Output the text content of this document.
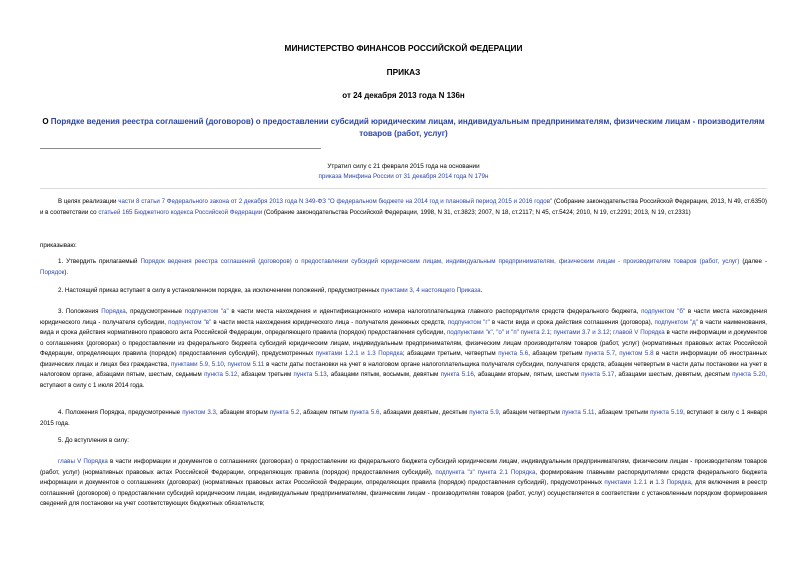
МИНИСТЕРСТВО ФИНАНСОВ РОССИЙСКОЙ ФЕДЕРАЦИИ
ПРИКАЗ
от 24 декабря 2013 года N 136н
О Порядке ведения реестра соглашений (договоров) о предоставлении субсидий юридическим лицам, индивидуальным предпринимателям, физическим лицам - производителям товаров (работ, услуг)
Утратил силу с 21 февраля 2015 года на основании
приказа Минфина России от 31 декабря 2014 года N 179н
В целях реализации части 8 статьи 7 Федерального закона от 2 декабря 2013 года N 349-ФЗ "О федеральном бюджете на 2014 год и плановый период 2015 и 2016 годов" (Собрание законодательства Российской Федерации, 2013, N 49, ст.6350) и в соответствии со статьей 165 Бюджетного кодекса Российской Федерации (Собрание законодательства Российской Федерации, 1998, N 31, ст.3823; 2007, N 18, ст.2117; N 45, ст.5424; 2010, N 19, ст.2291; 2013, N 19, ст.2331)
приказываю:
1. Утвердить прилагаемый Порядок ведения реестра соглашений (договоров) о предоставлении субсидий юридическим лицам, индивидуальным предпринимателям, физическим лицам - производителям товаров (работ, услуг) (далее - Порядок).
2. Настоящий приказ вступает в силу в установленном порядке, за исключением положений, предусмотренных пунктами 3, 4 настоящего Приказа.
3. Положения Порядка, предусмотренные подпунктом "а" в части места нахождения и идентификационного номера налогоплательщика главного распорядителя средств федерального бюджета, подпунктом "б" в части места нахождения юридического лица - получателя субсидии, подпунктом "в" в части места нахождения юридического лица - получателя денежных средств, подпунктом "г" в части вида и срока действия соглашения (договора), подпунктом "д" в части наименования, вида и срока действия нормативного правового акта Российской Федерации, определяющего правила (порядок) предоставления субсидии, подпунктами "к", "о" и "п" пункта 2.1; пунктами 3.7 и 3.12; главой V Порядка в части информации и документов о соглашениях (договорах) о предоставлении из федерального бюджета субсидий юридическим лицам, индивидуальным предпринимателям, физическим лицам производителям товаров (работ, услуг) (нормативных правовых актах Российской Федерации, определяющих правила (порядок) предоставления субсидий), предусмотренных пунктами 1.2.1 и 1.3 Порядка; абзацами третьим, четвертым пункта 5.6, абзацем третьим пункта 5.7, пунктом 5.8 в части информации об иностранных физических лицах и лицах без гражданства, пунктами 5.9, 5.10, пунктом 5.11 в части даты постановки на учет в налоговом органе налогоплательщика получателя субсидии, получателя средств, абзацем четвертым в части даты постановки на учет в налоговом органе, абзацами пятым, шестым, седьмым пункта 5.12, абзацем третьим пункта 5.13, абзацами пятым, восьмым, девятым пункта 5.16, абзацами вторым, пятым, шестым пункта 5.17, абзацами шестым, девятым, десятым пункта 5.20, вступают в силу с 1 июля 2014 года.
4. Положения Порядка, предусмотренные пунктом 3.3, абзацем вторым пункта 5.2, абзацем пятым пункта 5.6, абзацами девятым, десятым пункта 5.9, абзацем четвертым пункта 5.11, абзацем третьим пункта 5.19, вступают в силу с 1 января 2015 года.
5. До вступления в силу:
главы V Порядка в части информации и документов о соглашениях (договорах) о предоставлении из федерального бюджета субсидий юридическим лицам, индивидуальным предпринимателям, физическим лицам - производителям товаров (работ, услуг) (нормативных правовых актах Российской Федерации, определяющих правила (порядок) предоставления субсидий), подпункта "з" пункта 2.1 Порядка, формирование главными распорядителями средств федерального бюджета информации и документов о соглашениях (договорах) (нормативных правовых актах Российской Федерации, определяющих правила (порядок) предоставления субсидий), предусмотренных пунктами 1.2.1 и 1.3 Порядка, для включения в реестр соглашений (договоров) о предоставлении субсидий юридическим лицам, индивидуальным предпринимателям, физическим лицам - производителям товаров (работ, услуг) осуществляется в соответствии с установленным порядком формирования сведений для постановки на учет соответствующих бюджетных обязательств;
